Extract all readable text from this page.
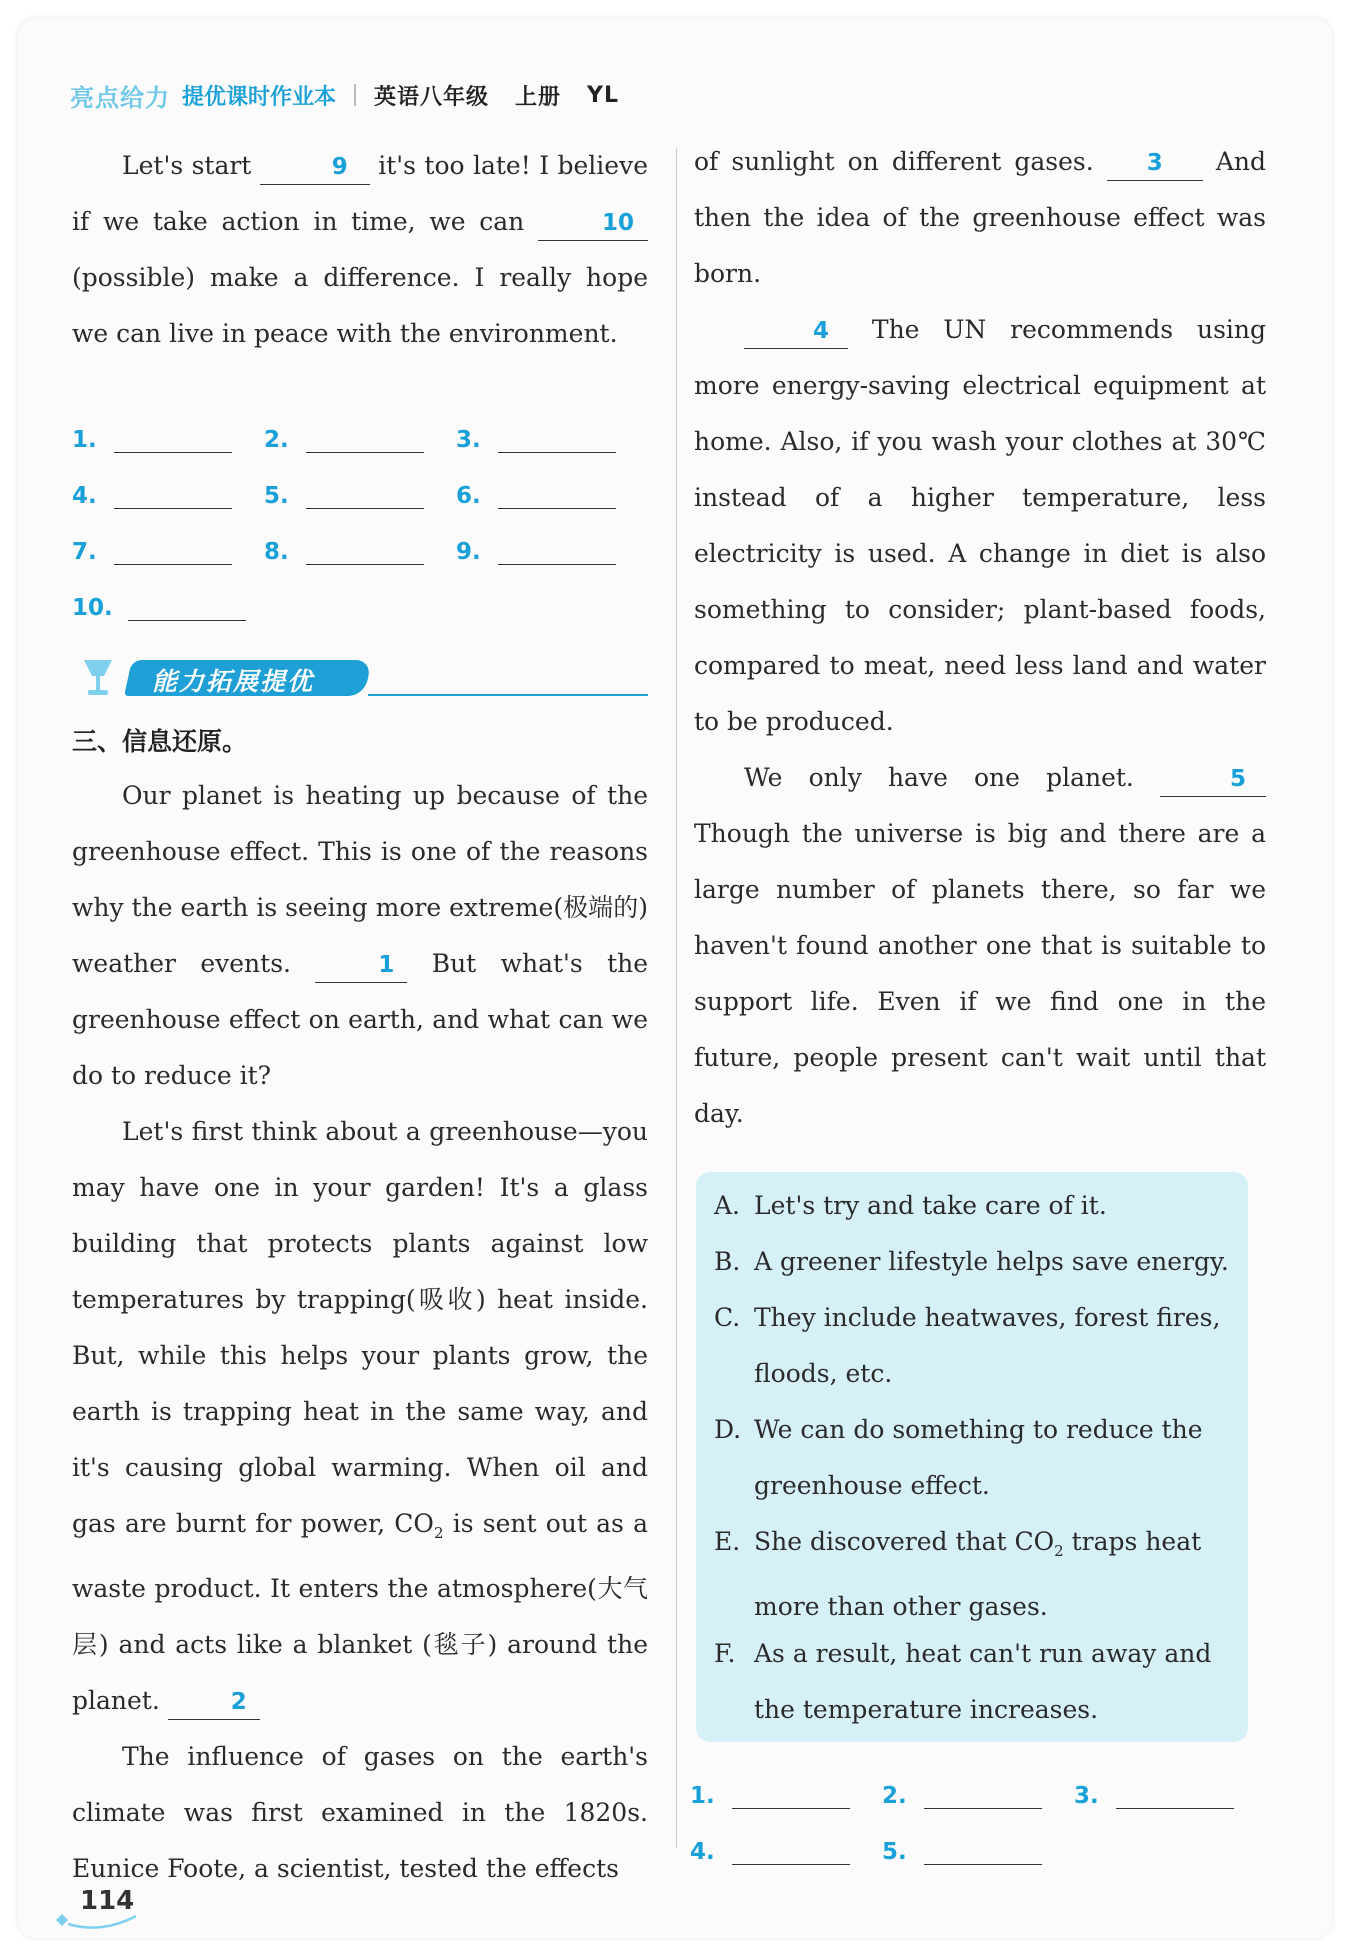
亮点给力 提优课时作业本 英语八年级 上册 YL

Let's start	9 it's too late! I believe if we take action in time, we can	10(possible) make a difference. I really hope we can live in peace with the environment.

1.	2.	3.
4.	5.	6.
7.	8.	9.
10.
能力拓展提优
三、信息还原。

Our planet is heating up because of the greenhouse effect. This is one of the reasons why the earth is seeing more extreme(极端的) weather events.	1 But what's the greenhouse effect on earth, and what can we do to reduce it?

Let's first think about a greenhouse—you may have one in your garden! It's a glass building that protects plants against low temperatures by trapping(吸收) heat inside. But, while this helps your plants grow, the earth is trapping heat in the same way, and it's causing global warming. When oil and gas are burnt for power, $CO_2$ is sent out as a waste product. It enters the atmosphere(大气层) and acts like a blanket (毯子) around the planet.	2

The influence of gases on the earth's climate was first examined in the 1820s. Eunice Foote, a scientist, tested the effects

of sunlight on different gases. 3 And then the idea of the greenhouse effect was born.

4 The UN recommends using more energy-saving electrical equipment at home. Also, if you wash your clothes at 30℃ instead of a higher temperature, less electricity is used. A change in diet is also something to consider; plant-based foods, compared to meat, need less land and water to be produced.

We only have one planet.	5 Though the universe is big and there are a large number of planets there, so far we haven't found another one that is suitable to support life. Even if we find one in the future, people present can't wait until that day.

A. Let's try and take care of it.
B. A greener lifestyle helps save energy.
C. They include heatwaves, forest fires,
floods, etc.
D. We can do something to reduce the
greenhouse effect.
E. She discovered that $CO_2$ traps heat
more than other gases.
F. As a result, heat can't run away and
the temperature increases.
1.	2.	3.
4.	5.
114
